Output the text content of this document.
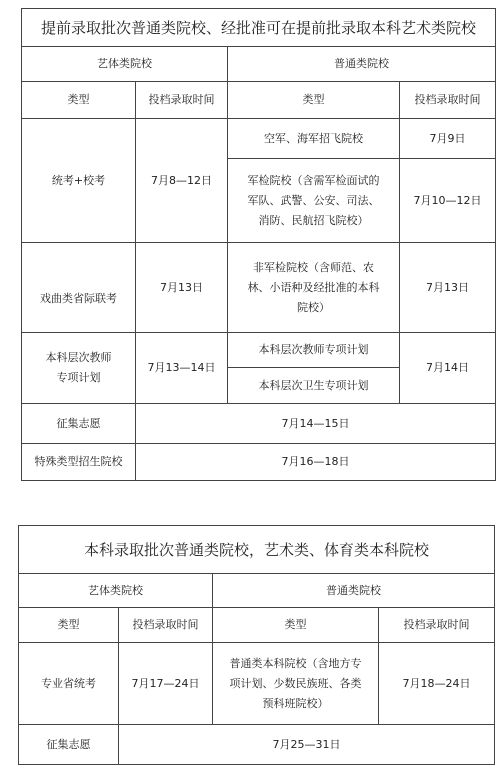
提前录取批次普通类院校、经批准可在提前批录取本科艺术类院校			
艺体类院校		普通类院校	
类型	投档录取时间	类型	投档录取时间
统考+校考	7月8—12日	空军、海军招飞院校	7月9日

		军检院校（含需军检面试的
军队、武警、公安、司法、
消防、民航招飞院校）	7月10—12日
戏曲类省际联考	7月13日	非军检院校（含师范、农
林、小语种及经批准的本科
院校）	7月13日

本科层次教师
专项计划	7月13—14日	本科层次教师专项计划	7月14日
		本科层次卫生专项计划	
征集志愿	7月14—15日		
特殊类型招生院校	7月16—18日		
本科录取批次普通类院校，艺术类、体育类本科院校			
艺体类院校		普通类院校	
类型	投档录取时间	类型	投档录取时间
专业省统考	7月17—24日	普通类本科院校（含地方专
项计划、少数民族班、各类
预科班院校）	7月18—24日
征集志愿	7月25—31日		
